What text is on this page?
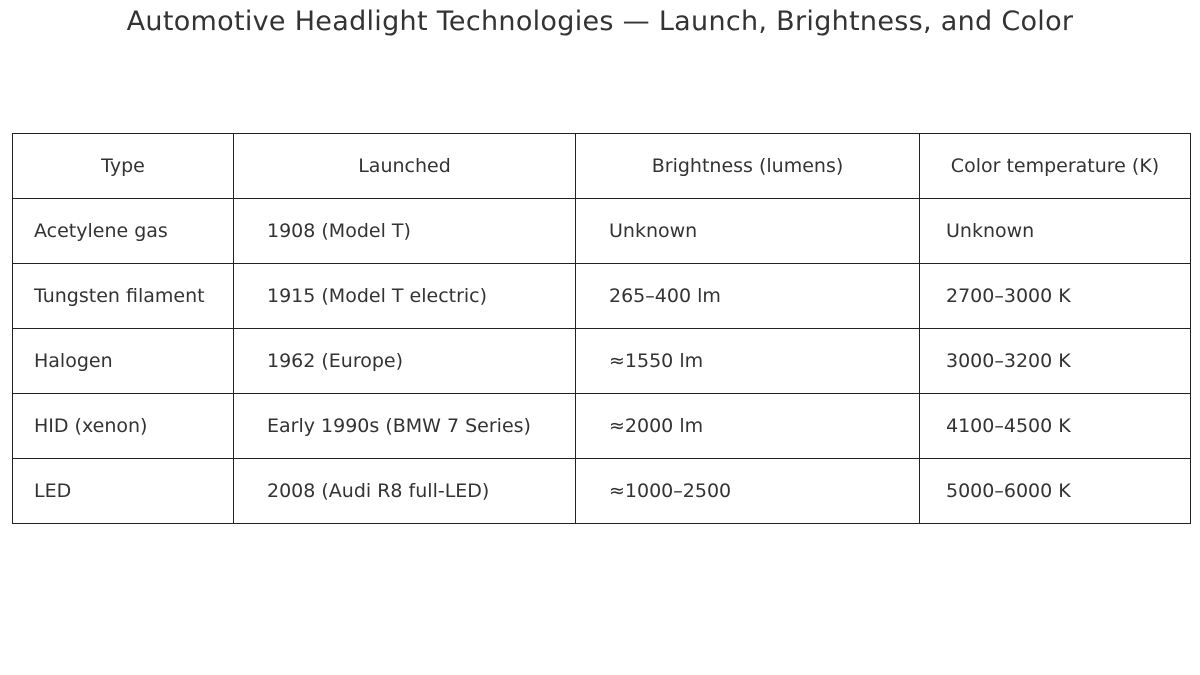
Automotive Headlight Technologies — Launch, Brightness, and Color
Type	Launched	Brightness (lumens)	Color temperature (K)
Acetylene gas	1908 (Model T)	Unknown	Unknown
Tungsten filament	1915 (Model T electric)	265–400 lm	2700–3000 K
Halogen	1962 (Europe)	≈1550 lm	3000–3200 K
HID (xenon)	Early 1990s (BMW 7 Series)	≈2000 lm	4100–4500 K
LED	2008 (Audi R8 full-LED)	≈1000–2500	5000–6000 K
